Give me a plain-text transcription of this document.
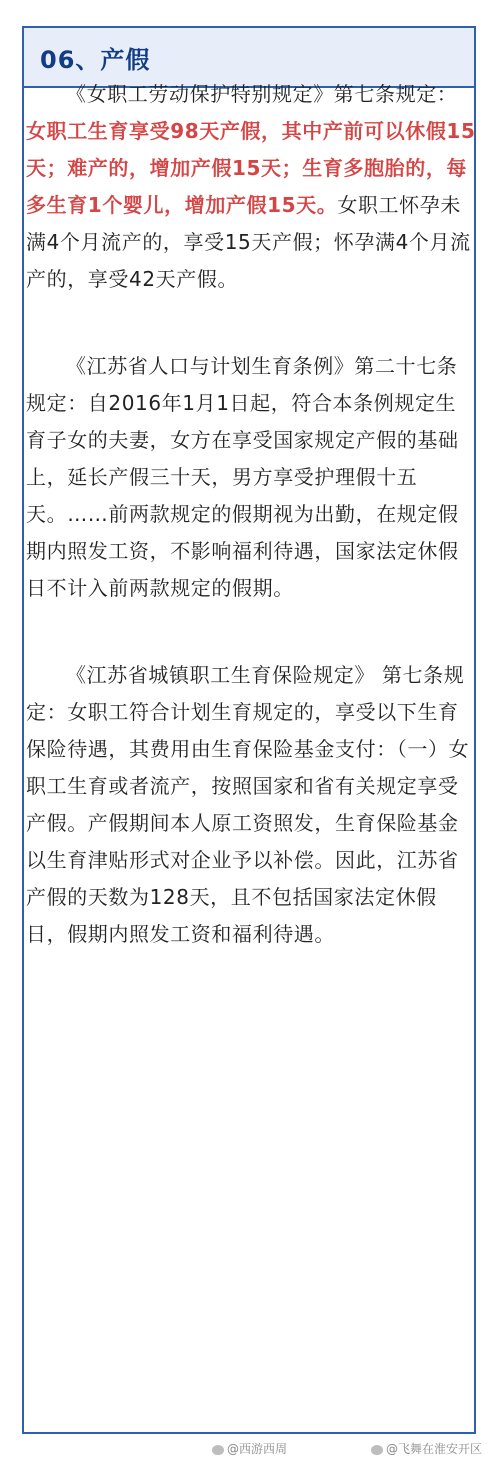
06、产假

《女职工劳动保护特别规定》第七条规定：女职工生育享受98天产假，其中产前可以休假15天；难产的，增加产假15天；生育多胞胎的，每多生育1个婴儿，增加产假15天。女职工怀孕未满4个月流产的，享受15天产假；怀孕满4个月流产的，享受42天产假。

《江苏省人口与计划生育条例》第二十七条规定：自2016年1月1日起，符合本条例规定生育子女的夫妻，女方在享受国家规定产假的基础上，延长产假三十天，男方享受护理假十五天。……前两款规定的假期视为出勤，在规定假期内照发工资，不影响福利待遇，国家法定休假日不计入前两款规定的假期。

《江苏省城镇职工生育保险规定》 第七条规定：女职工符合计划生育规定的，享受以下生育保险待遇，其费用由生育保险基金支付：（一）女职工生育或者流产，按照国家和省有关规定享受产假。产假期间本人原工资照发，生育保险基金以生育津贴形式对企业予以补偿。因此，江苏省产假的天数为128天，且不包括国家法定休假日，假期内照发工资和福利待遇。

@西游西周	@飞舞在淮安开区
